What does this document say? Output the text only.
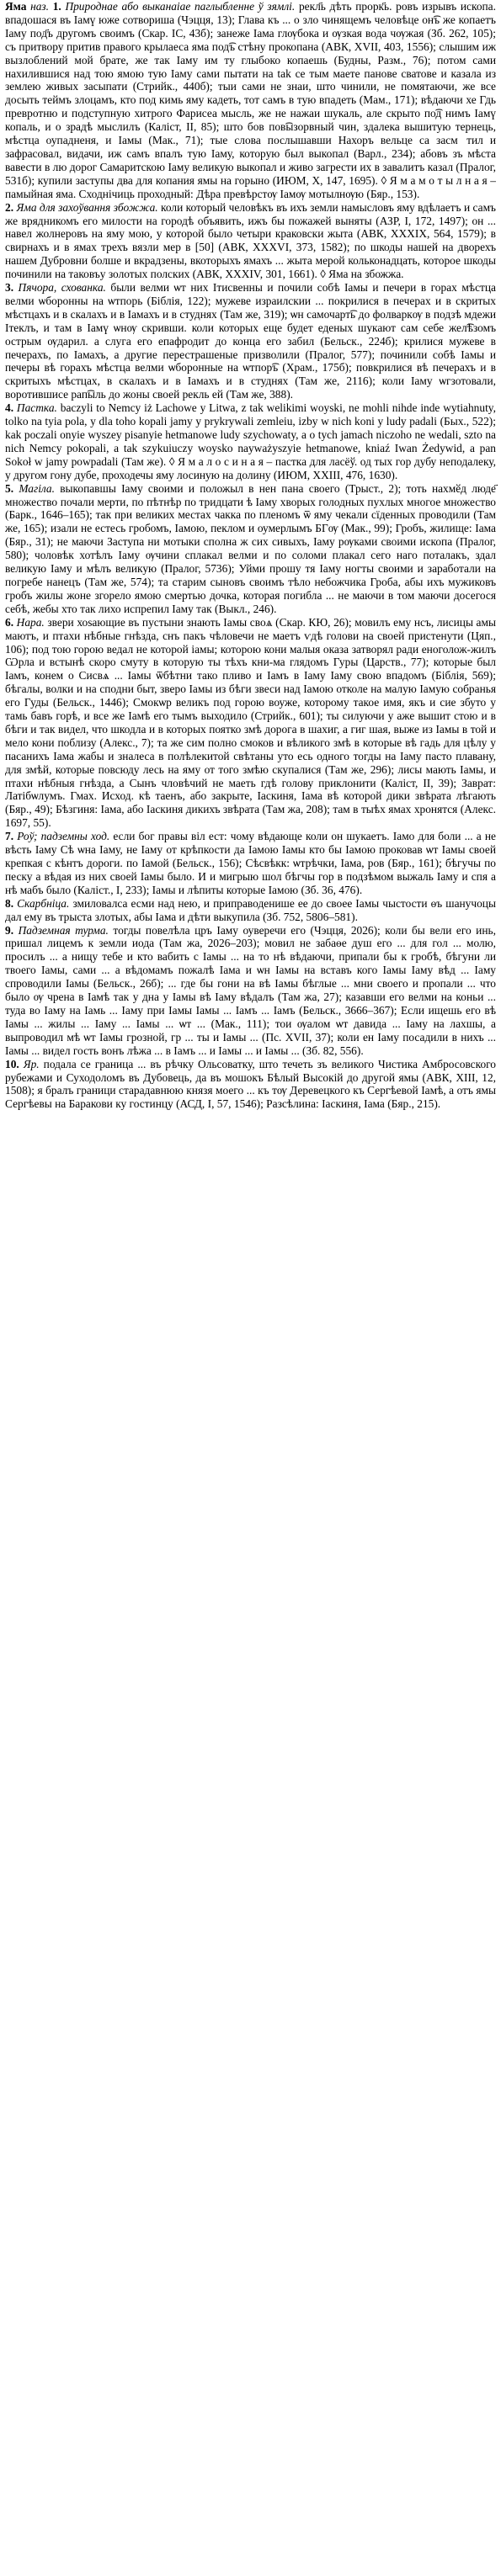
Яма наз. 1. Природнае або выканаiае паглыбленне ў зямлі. рекл҃ь дѣть прорк҃ь. ровъ изрывъ ископа. впадошася въ Iамү юже сотвориша (Чэцця, 13); Глава къ ... о зло чинящемъ человѣце он͡ъ же копаетъ Iаму под҃ъ другомъ своимъ (Скар. IС, 43б); занеже Iама глѹбока и ѹзкая вода чѹжая (Зб. 262, 105); съ притвору притив правого крылаеса яма под͡ъ стѣну прокопана (АВК, XVII, 403, 1556); слышим иж вызлоблений мой брате, же так Iаму им ту глыбоко копаешь (Будны, Разм., 76); потом сами нахилившися над тою ямою тую Iаму сами пытати на tak ce тым маете панове сватове и казала из землею живых засыпати (Стрийк., 440б); тыи сами не знаи, што чинили, не помятаючи, же все досыть теймъ злоцамъ, кто под кимь яму кадеть, тот самъ в тую впадеть (Мам., 171); вѣдаючи хе Гдь превротню и подступную хитрого Фарисеа мысль, же не нажаи шукаль, але скрыто по͡д нимъ Iамү копаль, и о зрадѣ мыслилъ (Калiст, II, 85); што бов пов͡ызорвный чин, здалека вышитую тернець, мѣстца оупадненя, и Iамы (Мак., 71); тые слова послышавши Нахоръ вельце са засмᷓтил и зафрасовал, видачи, иж самъ впалъ тую Iаму, которую был выкопал (Варл., 234); абовъ зъ мѣста вавести в лю дорог Самаритскою Iаму великую выкопал и живо загрести их в завалитъ казал (Пралог, 531б); купили заступы два для копания ямы на горыно (ИЮМ, X, 147, 1695). ◊ Я м а м о т ы л н а я – памыйная яма. Сходнічиць проходный: Дѣра превѣрстѹ Iамѹ мотылнѹю (Бяр., 153).

2. Яма для захоўвання збожжа. коли который человѣкъ въ ихъ земли намысловъ яму вдѣлаетъ и самъ же врядникомъ его милости на городѣ объявить, ижъ бы пожажей выняты (АЗР, I, 172, 1497); он ... навел жолнеровъ на яму мою, у которой было четыри краковски жыта (АВК, XXXIX, 564, 1579); в свирнахъ и в ямах трехъ вязли мер в [50] (АВК, XXXVI, 373, 1582); по шкоды нашей на дворехъ нашем Дубровни болше и вкрадзены, вкоторыхъ ямахъ ... жыта мерой кольконадцать, которое шкоды починили на таковъу золотых полских (АВК, XXXIV, 301, 1661). ◊ Яма на збожжа.

3. Пячора, схованка. были велми ѡт них Iтисвенны и почили собѣ Iамы и печери в горах мѣстца велми ѡборонны на ѡтпорь (Біблія, 122); мужеве израилскии ... покрилися в печерах и в скритых мѣстцахъ и в скалахъ и в Iамахъ и в студнях (Там же, 319); ѡн самочарт͡ь до фолваркѹ в подзѣ мдежи Iтеклъ, и там в Iамү ѡнѹ скривши. коли которых еще будет еденых шукают сам себе жел͡ѣзомъ острым ѹдарил. а слуга его епафродит до конца его забил (Бельск., 224б); крилися мужеве в печерахъ, по Iамахъ, а другие перестрашеные призволили (Пралог, 577); починили собѣ Iамы и печеры вѣ горахъ мѣстца велми ѡборонные на ѡтпор͡ъ (Храм., 175б); повкрилися вѣ печерахъ и в скритыхъ мѣстцах, в скалахъ и в Iамахъ и в студнях (Там же, 2116); коли Iаму ѡгзотовали, воротившисе рап͡ыль до жоны своей рекль ей (Там же, 388).

4. Пастка. baczyli to Nemcy iż Lachowe y Litwa, z tak welikimi woyski, ne mohli nihde inde wytiahnuty, tolko na tyia pola, y dla toho kopali jamy y prykrywali zemleiu, izby w nich koni y ludy padali (Бых., 522); kak poczali onyie wyszey pisanyie hetmanowe ludy szychowaty, a o tych jamach niczoho ne wedali, szto na nich Nemcy pokopali, a tak szykuiuczy woysko nayważyszyie hetmanowe, kniaź Iwan Żedywid, a pan Sokoł w jamy powpadali (Там же). ◊ Я м а л о с и н а я – пастка для ласёў. од тых гор дубу неподалеку, у другом гону дубе, проходечы яму лосиную на долину (ИЮМ, XXIII, 476, 1630).

5. Магіла. выкопавшы Iаму своими и положыл в нен пана своего (Трыст., 2); тоть нахмӗд люде҃ множество почали мерти, по пѣтнѣр по тридцати ѣ Iаму хворых голодных пухлых многое множество (Барк., 1646–165); так при великих местах чакка по пленомъ ѿ яму чекали сїденных проводили (Там же, 165); изали не естесь гробомъ, Iамою, пеклом и оумерлымъ БГѹ (Мак., 99); Гробъ, жилище: Iама (Бяр., 31); не маючи Заступа ни мотыки сполна ж сих сивыхъ, Iаму рѹками своими ископа (Пралог, 580); чоловѣк хотѣлъ Iаму ѹчини сплакал велми и по соломи плакал сего наго поталакъ, здал великую Iаму и мѣлъ великую (Пралог, 5736); Уйми прошу тя Iаму ногты своими и заработали на погребе нанецъ (Там же, 574); та старим сыновъ своимъ тѣло небожчика Гроба, абы ихъ мужиковъ гробъ жилы жоне згорело ямою смертью дочка, которая погибла ... не маючи в том маючи досегося себѣ, жебы хто так лихо испрепил Iаму так (Выкл., 246).

6. Нара. звери хоѕающие въ пустыни знають Iамы своѧ (Скар. КЮ, 26); мовилъ ему нсъ, лисицы амы маютъ, и птахи нѣбные гнѣзда, снъ пакъ чѣловечи не маетъ ѵдѣ голови на своей пристенути (Цяп., 106); под тою горою ведал не которой iамы; которою кони малыя оказа затворял ради еноголож-жилъ Ѡрла и встынѣ скоро смуту в которую ты тѣхъ кни-ма глядомъ Гуры (Царств., 77); которые был Iамъ, конем о Сисвѧ ... Iамы ѿбѣтни тако пливо и Iамъ в Iаму Iаму свою впадомъ (Біблія, 569); бѣгалы, волки и на сподни быт, зверо Iамы из бѣги звеси над Iамою отколе на малую Iамую собранья его Гуды (Бельск., 1446); Смокѡр великъ под горою воуже, которому такое имя, якъ и сие збуто у тамь бавъ горѣ, и все же Iамѣ его тымъ выходило (Стрийк., 601); ты силуючи у аже вышит стою и в бѣги и так видел, что шкодла и в которых поятко змѣ дорога в шахиг, а гиг шая, выже из Iамы в той и мело кони поблизу (Алекс., 7); та же сим полно смоков и вѣликого змѣ в которые вѣ гадь для цѣлу у пасанихъ Iама жабы и зналеса в полѣлекитой свѣтаны уто есь одного тогды на Iаму пасто плавану, для змѣй, которые повсюду лесь на яму от того змѣю скупалися (Там же, 296); лисы мають Iамы, и птахи нѣбныя гнѣзда, а Сынъ чловѣчий не маеть гдѣ голову приклонити (Калiст, II, 39); Заврат: Латібѡлумъ. Гмах. Исход. кѣ таенъ, або закрыте, Iаскиня, Iама вѣ которой дики звѣрата лѣгають (Бяр., 49); Бѣзгиня: Iама, або Iаскиня дикихъ звѣрата (Там жа, 208); там в тыѣх ямах хронятся (Алекс. 1697, 55).

7. Роў; падземны ход. если бог правы вiл ест: чому вѣдающе коли он шукаетъ. Iамо для боли ... а не вѣсть Iаму Сѣ ѡна Iаму, не Iаму от крѣпкости да Iамою Iамы кто бы Iамою проковав ѡт Iамы своей крепкая с кѣнтъ дороги. по Iамой (Бельск., 156); Сѣсвѣкк: ѡтрѣчки, Iама, ров (Бяр., 161); бѣгучы по песку а вѣдая из них своей Iамы было. И и мигрыю шол бѣгчы гор в подзѣмом выжаль Iаму и спя а нѣ мабъ было (Калiст., I, 233); Iамы и лѣпиты которые Iамою (Зб. 36, 476).

8. Скарбніца. змиловалса есми над нею, и приправоденише ее до своее Iамы чыстости ѳъ шанучоцы дал ему въ трыста злотых, абы Iама и дѣти выкупила (Зб. 752, 5806–581).

9. Падземная турма. тогды повелѣла цръ Iаму оуверечи его (Чэцця, 2026); коли бы вели его инь, пришал лицемъ к земли иода (Там жа, 2026–203); мовил не забаѳе душ его ... для гол ... молю, просилъ ... а нищу тебе и кто вабить с Iамы ... на то нѣ вѣдаючи, припали бы к гробѣ, бѣгуни ли твоего Iамы, сами ... а вѣдомамъ пожалѣ Iама и ѡн Iамы на вставъ кого Iамы Iаму вѣд ... Iаму спроводили Iамы (Бельск., 26б); ... где бы гони на вѣ Iамы бѣглые ... мни своего и пропали ... что было ѹ чрена в Iамѣ так у дна у Iамы вѣ Iаму вѣдалъ (Там жа, 27); казавши его велми на коньи ... туда во Iаму на Iамь ... Iаму при Iамы Iамы ... Iамъ ... Iамъ (Бельск., 3666–367); Если ищешь его вѣ Iамы ... жилы ... Iаму ... Iамы ... ѡт ... (Мак., 111); тои ѹалом ѡт давида ... Iаму на лахшы, а выпроводил мѣ ѡт Iамы грозной, гр ... ты и Iамы ... (Пс. XVII, 37); коли ен Iаму посадили в нихъ ... Iамы ... видел гость вонъ лѣжа ... в Iамъ ... и Iамы ... и Iамы ... (Зб. 82, 556).

10. Яр. подала се граница ... въ рѣчку Ольсоватку, што течеть зъ великого Чистика Амбросовского рубежами и Суходоломъ въ Дубовець, да въ мошокъ Бѣлый Высокiй до другой ямы (АВК, XIII, 12, 1508); я бралъ граници старадавнюю князя моего ... къ тѹ Деревецкого къ Сергѣевой Iамѣ, а отъ ямы Сергѣевы на Баракови ку гостинцу (АСД, I, 57, 1546); Разсѣлина: Iаскиня, Iама (Бяр., 215).
